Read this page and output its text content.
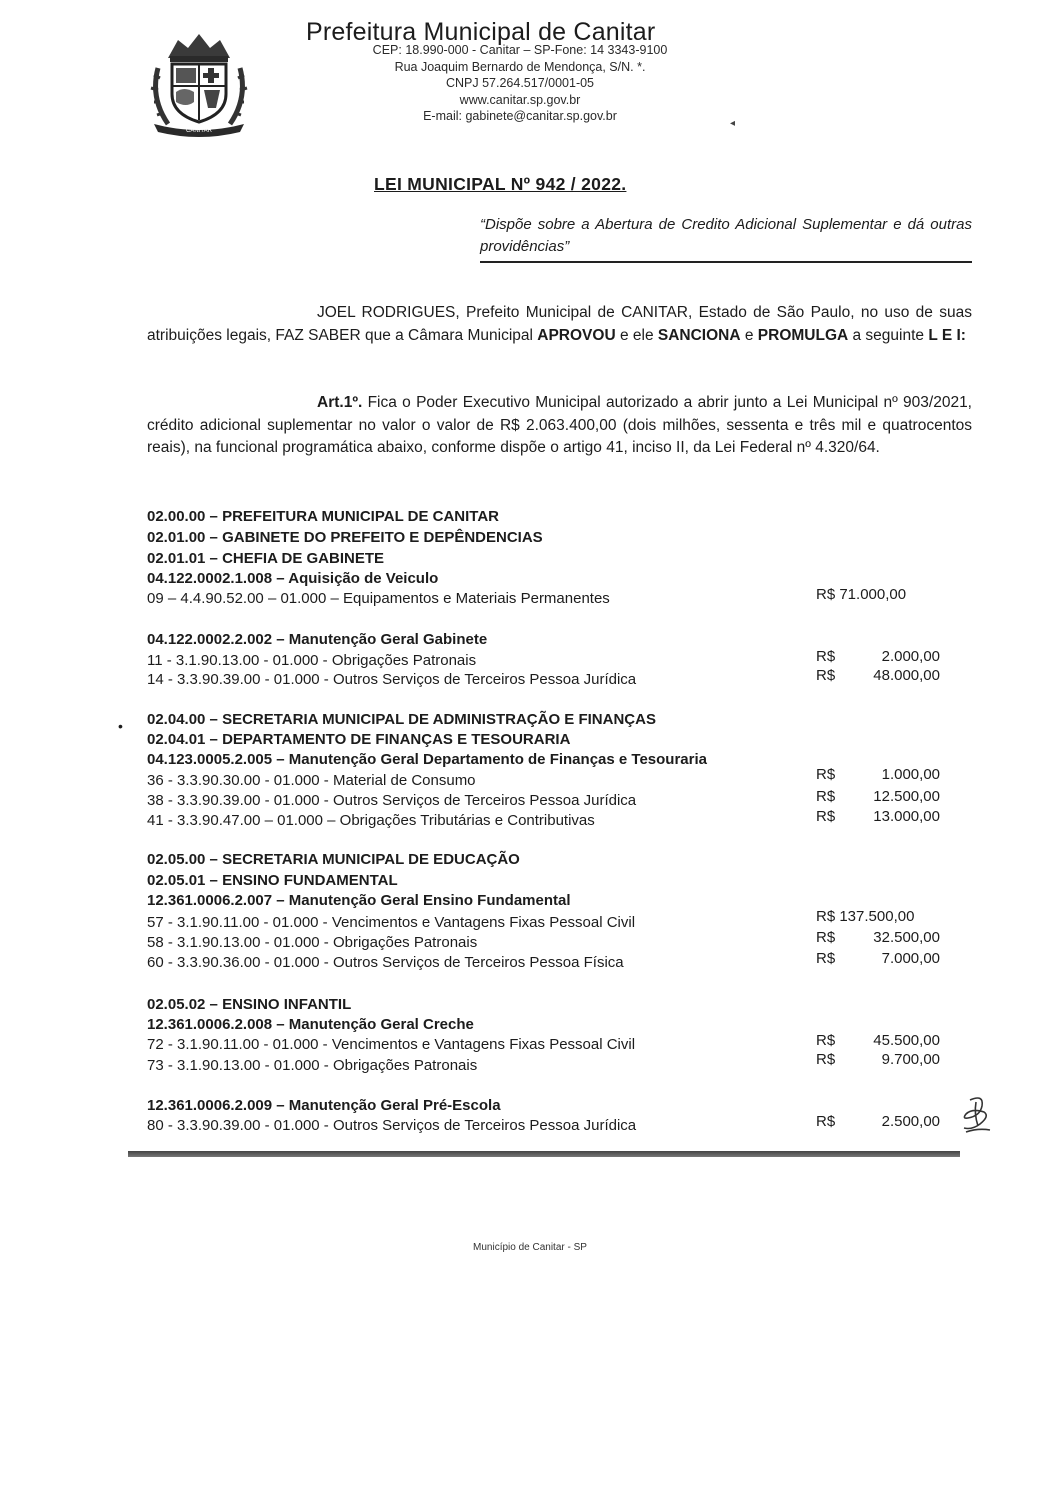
CANITAR
Prefeitura Municipal de Canitar
CEP: 18.990-000 - Canitar – SP-Fone: 14 3343-9100
Rua Joaquim Bernardo de Mendonça, S/N. *.
CNPJ 57.264.517/0001-05
www.canitar.sp.gov.br
E-mail: gabinete@canitar.sp.gov.br
◂
LEI MUNICIPAL Nº 942 / 2022.
“Dispõe sobre a Abertura de Credito Adicional Suplementar e dá outras providências”
JOEL RODRIGUES, Prefeito Municipal de CANITAR, Estado de São Paulo, no uso de suas atribuições legais, FAZ SABER que a Câmara Municipal APROVOU e ele SANCIONA e PROMULGA a seguinte L E I:
Art.1º. Fica o Poder Executivo Municipal autorizado a abrir junto a Lei Municipal nº 903/2021, crédito adicional suplementar no valor o valor de R$ 2.063.400,00 (dois milhões, sessenta e três mil e quatrocentos reais), na funcional programática abaixo, conforme dispõe o artigo 41, inciso II, da Lei Federal nº 4.320/64.
02.00.00 – PREFEITURA MUNICIPAL DE CANITAR
02.01.00 – GABINETE DO PREFEITO E DEPÊNDENCIAS
02.01.01 – CHEFIA DE GABINETE
04.122.0002.1.008 – Aquisição de Veiculo
09 – 4.4.90.52.00 – 01.000 – Equipamentos e Materiais Permanentes	R$ 71.000,00
04.122.0002.2.002 – Manutenção Geral Gabinete
11 - 3.1.90.13.00 - 01.000 - Obrigações Patronais	R$	2.000,00
14 - 3.3.90.39.00 - 01.000 - Outros Serviços de Terceiros Pessoa Jurídica	R$	48.000,00
• 02.04.00 – SECRETARIA MUNICIPAL DE ADMINISTRAÇÃO E FINANÇAS
02.04.01 – DEPARTAMENTO DE FINANÇAS E TESOURARIA
04.123.0005.2.005 – Manutenção Geral Departamento de Finanças e Tesouraria
36 - 3.3.90.30.00 - 01.000 - Material de Consumo	R$	1.000,00
38 - 3.3.90.39.00 - 01.000 - Outros Serviços de Terceiros Pessoa Jurídica	R$	12.500,00
41 - 3.3.90.47.00 – 01.000 – Obrigações Tributárias e Contributivas	R$	13.000,00
02.05.00 – SECRETARIA MUNICIPAL DE EDUCAÇÃO
02.05.01 – ENSINO FUNDAMENTAL
12.361.0006.2.007 – Manutenção Geral Ensino Fundamental
57 - 3.1.90.11.00 - 01.000 - Vencimentos e Vantagens Fixas Pessoal Civil	R$ 137.500,00
58 - 3.1.90.13.00 - 01.000 - Obrigações Patronais	R$	32.500,00
60 - 3.3.90.36.00 - 01.000 - Outros Serviços de Terceiros Pessoa Física	R$	7.000,00
02.05.02 – ENSINO INFANTIL
12.361.0006.2.008 – Manutenção Geral Creche
72 - 3.1.90.11.00 - 01.000 - Vencimentos e Vantagens Fixas Pessoal Civil	R$	45.500,00
73 - 3.1.90.13.00 - 01.000 - Obrigações Patronais	R$	9.700,00
12.361.0006.2.009 – Manutenção Geral Pré-Escola
80 - 3.3.90.39.00 - 01.000 - Outros Serviços de Terceiros Pessoa Jurídica	R$	2.500,00
Município de Canitar - SP
